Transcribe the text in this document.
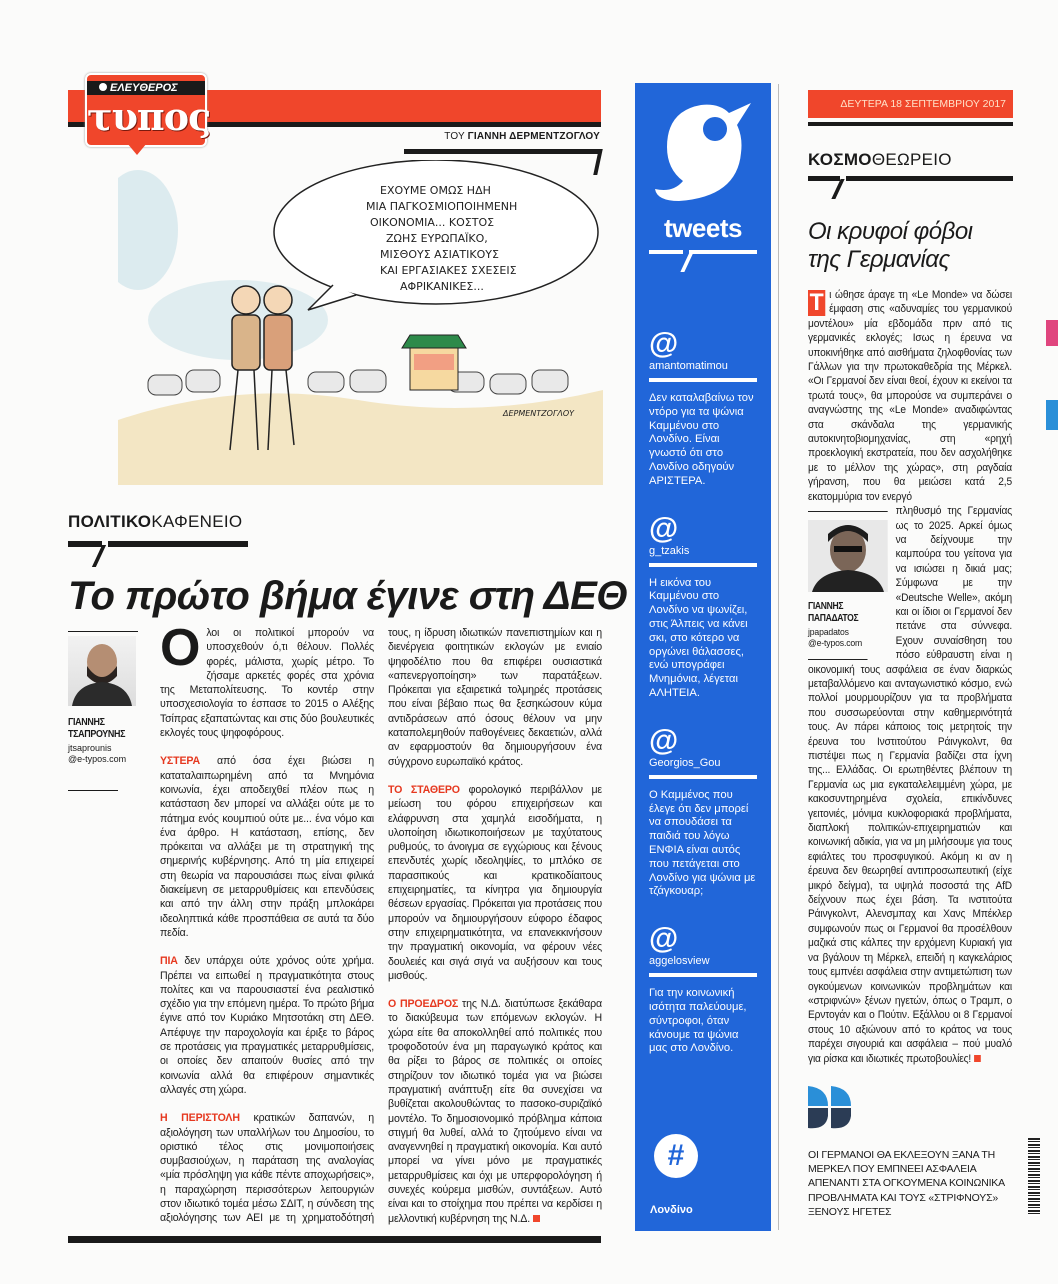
ΕΛΕΥΘΕΡΟΣ
τυπος	ΤΟΥ ΓΙΑΝΝΗ ΔΕΡΜΕΝΤΖΟΓΛΟΥ
ΕΧΟΥΜΕ ΟΜΩΣ ΗΔΗ
ΜΙΑ ΠΑΓΚΟΣΜΙΟΠΟΙΗΜΕΝΗ
ΟΙΚΟΝΟΜΙΑ... ΚΟΣΤΟΣ
ΖΩΗΣ ΕΥΡΩΠΑΪΚΟ,
ΜΙΣΘΟΥΣ ΑΣΙΑΤΙΚΟΥΣ
ΚΑΙ ΕΡΓΑΣΙΑΚΕΣ ΣΧΕΣΕΙΣ
ΑΦΡΙΚΑΝΙΚΕΣ...
ΔΕΡΜΕΝΤΖΟΓΛΟΥ
ΠΟΛΙΤΙΚΟΚΑΦΕΝΕΙΟ
Το πρώτο βήμα έγινε στη ΔΕΘ
ΓΙΑΝΝΗΣ
ΤΣΑΠΡΟΥΝΗΣ
jtsaprounis
@e-typos.com

Ολοι οι πολιτικοί μπορούν να υποσχεθούν ό,τι θέλουν. Πολλές φορές, μάλιστα, χωρίς μέτρο. Το ζήσαμε αρκετές φορές στα χρόνια της Μεταπολίτευσης. Το κοντέρ στην υποσχεσιολογία το έσπασε το 2015 ο Αλέξης Τσίπρας εξαπατώντας και στις δύο βουλευτικές εκλογές τους ψηφοφόρους.

ΥΣΤΕΡΑ από όσα έχει βιώσει η καταταλαιπωρημένη από τα Μνημόνια κοινωνία, έχει αποδειχθεί πλέον πως η κατάσταση δεν μπορεί να αλλάξει ούτε με το πάτημα ενός κουμπιού ούτε με... ένα νόμο και ένα άρθρο. Η κατάσταση, επίσης, δεν πρόκειται να αλλάξει με τη στρατηγική της σημερινής κυβέρνησης. Από τη μία επιχειρεί στη θεωρία να παρουσιάσει πως είναι φιλικά διακείμενη σε μεταρρυθμίσεις και επενδύσεις και από την άλλη στην πράξη μπλοκάρει ιδεοληπτικά κάθε προσπάθεια σε αυτά τα δύο πεδία.

ΠΙΑ δεν υπάρχει ούτε χρόνος ούτε χρήμα. Πρέπει να ειπωθεί η πραγματικότητα στους πολίτες και να παρουσιαστεί ένα ρεαλιστικό σχέδιο για την επόμενη ημέρα. Το πρώτο βήμα έγινε από τον Κυριάκο Μητσοτάκη στη ΔΕΘ. Απέφυγε την παροχολογία και έριξε το βάρος σε προτάσεις για πραγματικές μεταρρυθμίσεις, οι οποίες δεν απαιτούν θυσίες από την κοινωνία αλλά θα επιφέρουν σημαντικές αλλαγές στη χώρα.

Η ΠΕΡΙΣΤΟΛΗ κρατικών δαπανών, η αξιολόγηση των υπαλλήλων του Δημοσίου, το οριστικό τέλος στις μονιμοποιήσεις συμβασιούχων, η παράταση της αναλογίας «μία πρόσληψη για κάθε πέντε αποχωρήσεις», η παραχώρηση περισσότερων λειτουργιών στον ιδιωτικό τομέα μέσω ΣΔΙΤ, η σύνδεση της αξιολόγησης των ΑΕΙ με τη χρηματοδότησή τους, η ίδρυση ιδιωτικών πανεπιστημίων και η διενέργεια φοιτητικών εκλογών με ενιαίο ψηφοδέλτιο που θα επιφέρει ουσιαστικά «απενεργοποίηση» των παρατάξεων. Πρόκειται για εξαιρετικά τολμηρές προτάσεις που είναι βέβαιο πως θα ξεσηκώσουν κύμα αντιδράσεων από όσους θέλουν να μην καταπολεμηθούν παθογένειες δεκαετιών, αλλά αν εφαρμοστούν θα δημιουργήσουν ένα σύγχρονο ευρωπαϊκό κράτος.

ΤΟ ΣΤΑΘΕΡΟ φορολογικό περιβάλλον με μείωση του φόρου επιχειρήσεων και ελάφρυνση στα χαμηλά εισοδήματα, η υλοποίηση ιδιωτικοποιήσεων με ταχύτατους ρυθμούς, το άνοιγμα σε εγχώριους και ξένους επενδυτές χωρίς ιδεοληψίες, το μπλόκο σε παρασιτικούς και κρατικοδίαιτους επιχειρηματίες, τα κίνητρα για δημιουργία θέσεων εργασίας. Πρόκειται για προτάσεις που μπορούν να δημιουργήσουν εύφορο έδαφος στην επιχειρηματικότητα, να επανεκκινήσουν την πραγματική οικονομία, να φέρουν νέες δουλειές και σιγά σιγά να αυξήσουν και τους μισθούς.

Ο ΠΡΟΕΔΡΟΣ της Ν.Δ. διατύπωσε ξεκάθαρα το διακύβευμα των επόμενων εκλογών. Η χώρα είτε θα αποκολληθεί από πολιτικές που τροφοδοτούν ένα μη παραγωγικό κράτος και θα ρίξει το βάρος σε πολιτικές οι οποίες στηρίζουν τον ιδιωτικό τομέα για να βιώσει πραγματική ανάπτυξη είτε θα συνεχίσει να βυθίζεται ακολουθώντας το πασοκο-συριζαϊκό μοντέλο. Το δημοσιονομικό πρόβλημα κάποια στιγμή θα λυθεί, αλλά το ζητούμενο είναι να αναγεννηθεί η πραγματική οικονομία. Και αυτό μπορεί να γίνει μόνο με πραγματικές μεταρρυθμίσεις και όχι με υπερφορολόγηση ή συνεχές κούρεμα μισθών, συντάξεων. Αυτό είναι και το στοίχημα που πρέπει να κερδίσει η μελλοντική κυβέρνηση της Ν.Δ.

tweets
@
amantomatimou
Δεν καταλαβαίνω τον ντόρο για τα ψώνια Καμμένου στο Λονδίνο. Είναι γνωστό ότι στο Λονδίνο οδηγούν ΑΡΙΣΤΕΡΑ.
@
g_tzakis
Η εικόνα του Καμμένου στο Λονδίνο να ψωνίζει, στις Άλπεις να κάνει σκι, στο κότερο να οργώνει θάλασσες, ενώ υπογράφει Μνημόνια, λέγεται ΑΛΗΤΕΙΑ.
@
Georgios_Gou
Ο Καμμένος που έλεγε ότι δεν μπορεί να σπουδάσει τα παιδιά του λόγω ΕΝΦΙΑ είναι αυτός που πετάγεται στο Λονδίνο για ψώνια με τζάγκουαρ;
@
aggelosview
Για την κοινωνική ισότητα παλεύουμε, σύντροφοι, όταν κάνουμε τα ψώνια μας στο Λονδίνο.
#
Λονδίνο
ΔΕΥΤΕΡΑ 18 ΣΕΠΤΕΜΒΡΙΟΥ 2017
ΚΟΣΜΟΘΕΩΡΕΙΟ
Οι κρυφοί φόβοι
της Γερμανίας
Τ ι ώθησε άραγε τη «Le Monde» να δώσει έμφαση στις «αδυναμίες του γερμανικού μοντέλου» μία εβδομάδα πριν από τις γερμανικές εκλογές; Ισως η έρευνα να υποκινήθηκε από αισθήματα ζηλοφθονίας των Γάλλων για την πρωτοκαθεδρία της Μέρκελ. «Οι Γερμανοί δεν είναι θεοί, έχουν κι εκείνοι τα τρωτά τους», θα μπορούσε να συμπεράνει ο αναγνώστης της «Le Monde» αναδιφώντας στα σκάνδαλα της γερμανικής αυτοκινητοβιομηχανίας, στη «ρηχή προεκλογική εκστρατεία, που δεν ασχολήθηκε με το μέλλον της χώρας», στη ραγδαία γήρανση, που θα μειώσει κατά 2,5 εκατομμύρια τον ενεργό
ΓΙΑΝΝΗΣ
ΠΑΠΑΔΑΤΟΣ
jpapadatos
@e-typos.com
πληθυσμό της Γερμανίας ως το 2025. Αρκεί όμως να δείχνουμε την καμπούρα του γείτονα για να ισιώσει η δικιά μας; Σύμφωνα με την «Deutsche Welle», ακόμη και οι ίδιοι οι Γερμανοί δεν πετάνε στα σύννεφα. Εχουν συναίσθηση του πόσο εύθραυστη είναι η οικονομική τους ασφάλεια σε έναν διαρκώς μεταβαλλόμενο και ανταγωνιστικό κόσμο, ενώ πολλοί μουρμουρίζουν για τα προβλήματα που συσσωρεύονται στην καθημερινότητά τους. Αν πάρει κάποιος τοις μετρητοίς την έρευνα του Ινστιτούτου Ράινγκολντ, θα πιστέψει πως η Γερμανία βαδίζει στα ίχνη της... Ελλάδας. Οι ερωτηθέντες βλέπουν τη Γερμανία ως μια εγκαταλελειμμένη χώρα, με κακοσυντηρημένα σχολεία, επικίνδυνες γειτονιές, μόνιμα κυκλοφοριακά προβλήματα, διαπλοκή πολιτικών-επιχειρηματιών και κοινωνική αδικία, για να μη μιλήσουμε για τους εφιάλτες του προσφυγικού. Ακόμη κι αν η έρευνα δεν θεωρηθεί αντιπροσωπευτική (είχε μικρό δείγμα), τα υψηλά ποσοστά της AfD δείχνουν πως έχει βάση. Τα ινστιτούτα Ράινγκολντ, Αλενσμπαχ και Χανς Μπέκλερ συμφωνούν πως οι Γερμανοί θα προσέλθουν μαζικά στις κάλπες την ερχόμενη Κυριακή για να βγάλουν τη Μέρκελ, επειδή η καγκελάριος τους εμπνέει ασφάλεια στην αντιμετώπιση των ογκούμενων κοινωνικών προβλημάτων και «στριφνών» ξένων ηγετών, όπως ο Τραμπ, ο Ερντογάν και ο Πούτιν. Εξάλλου οι 8 Γερμανοί στους 10 αξιώνουν από το κράτος να τους παρέχει σιγουριά και ασφάλεια – πού μυαλό για ρίσκα και ιδιωτικές πρωτοβουλίες!
ΟΙ ΓΕΡΜΑΝΟΙ ΘΑ ΕΚΛΕΞΟΥΝ ΞΑΝΑ ΤΗ ΜΕΡΚΕΛ ΠΟΥ ΕΜΠΝΕΕΙ ΑΣΦΑΛΕΙΑ ΑΠΕΝΑΝΤΙ ΣΤΑ ΟΓΚΟΥΜΕΝΑ ΚΟΙΝΩΝΙΚΑ ΠΡΟΒΛΗΜΑΤΑ ΚΑΙ ΤΟΥΣ «ΣΤΡΙΦΝΟΥΣ» ΞΕΝΟΥΣ ΗΓΕΤΕΣ
